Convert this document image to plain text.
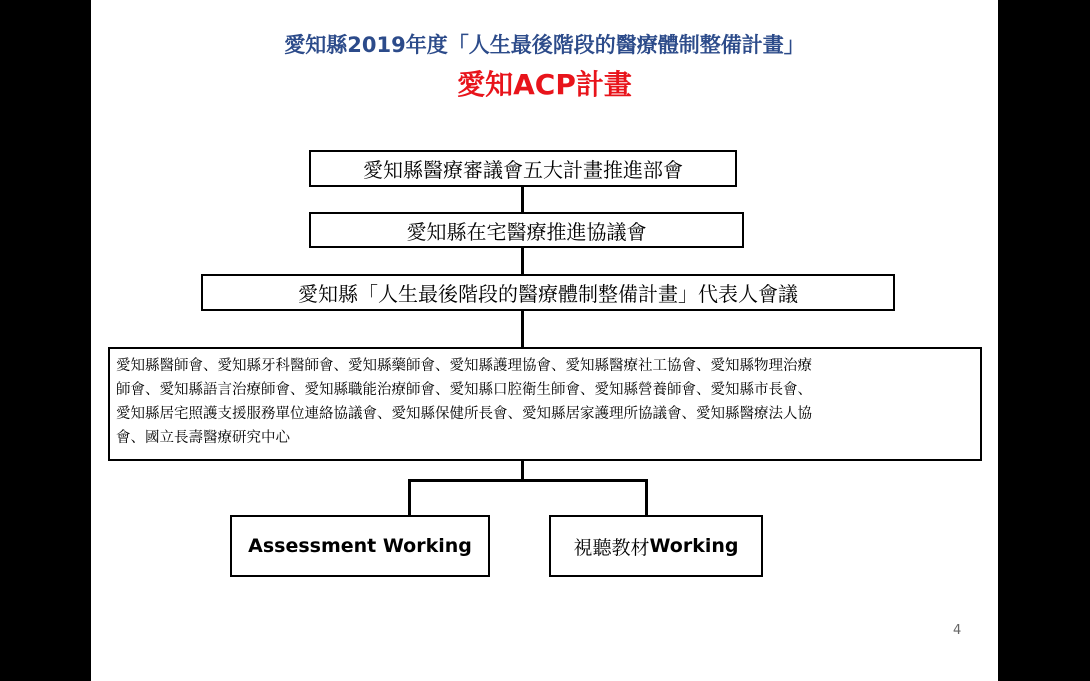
愛知縣2019年度「人生最後階段的醫療體制整備計畫」
愛知ACP計畫
愛知縣醫療審議會五大計畫推進部會
愛知縣在宅醫療推進協議會
愛知縣「人生最後階段的醫療體制整備計畫」代表人會議
愛知縣醫師會、愛知縣牙科醫師會、愛知縣藥師會、愛知縣護理協會、愛知縣醫療社工協會、愛知縣物理治療
師會、愛知縣語言治療師會、愛知縣職能治療師會、愛知縣口腔衛生師會、愛知縣營養師會、愛知縣市長會、
愛知縣居宅照護支援服務單位連絡協議會、愛知縣保健所長會、愛知縣居家護理所協議會、愛知縣醫療法人協
會、國立長壽醫療研究中心
Assessment Working	視聽教材 Working
4
